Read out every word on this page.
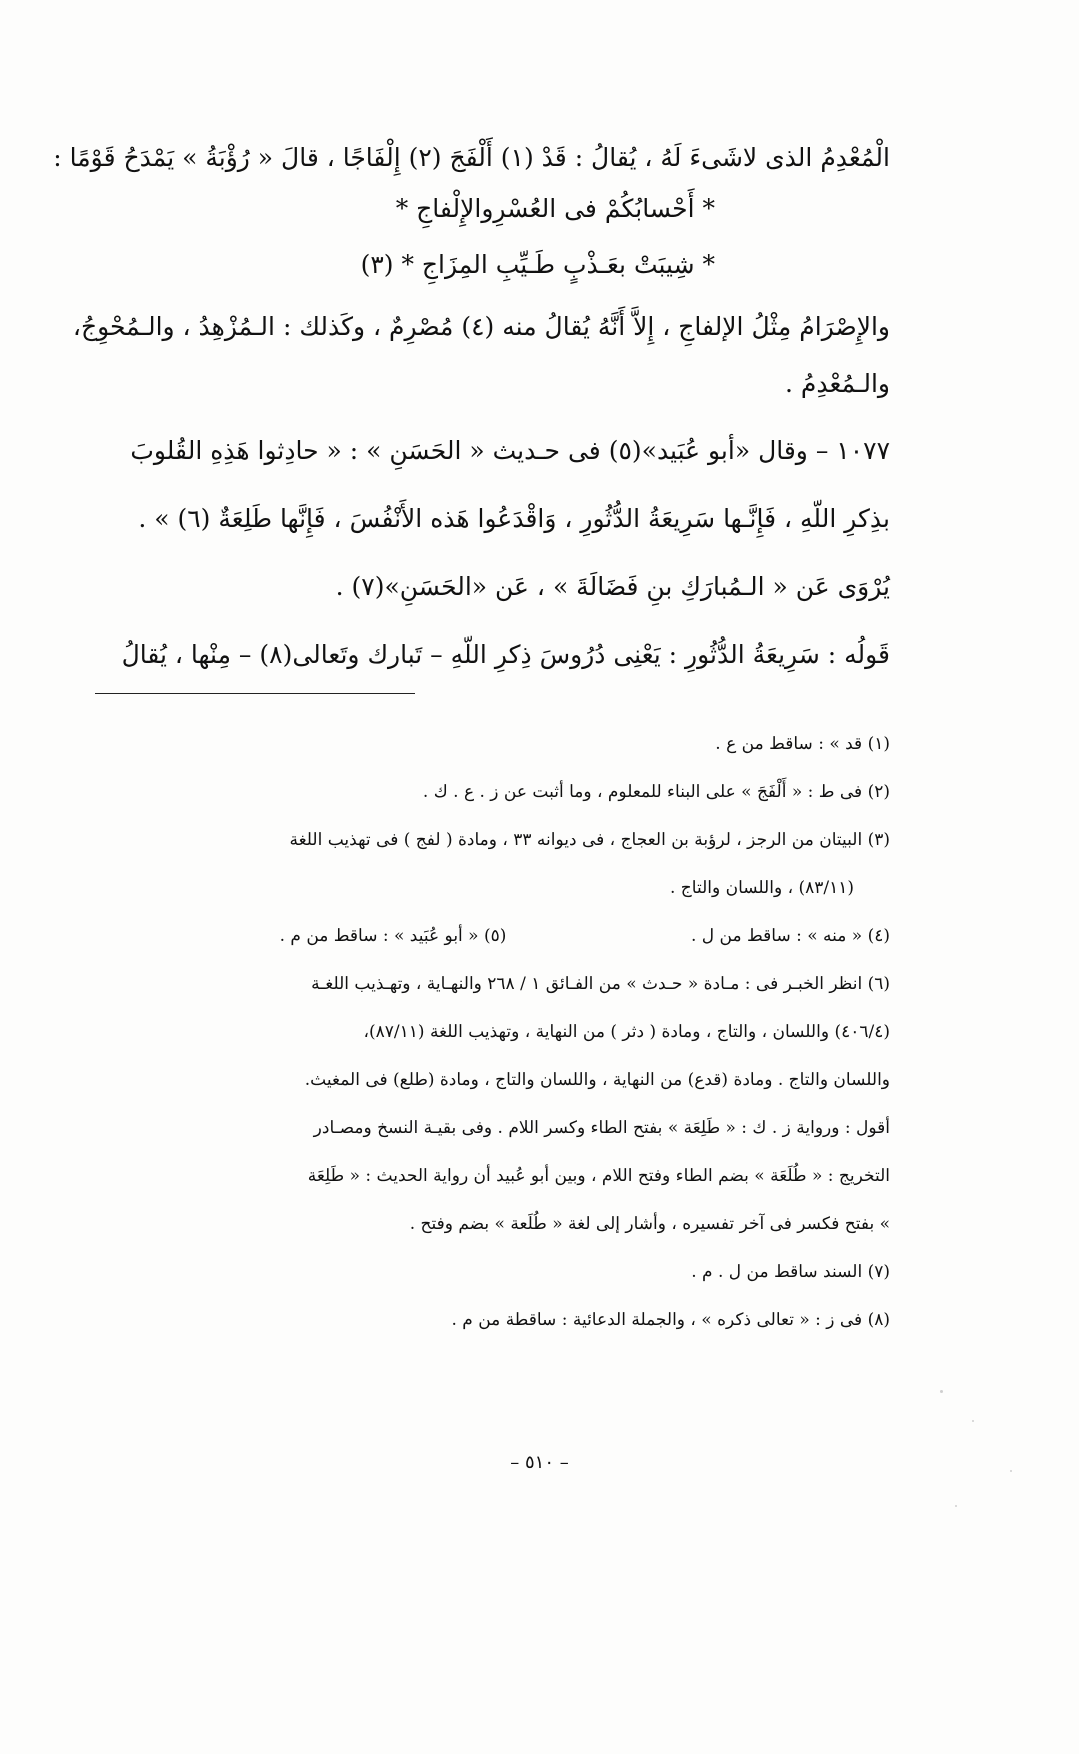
الْمُعْدِمُ الذى لاشَىءَ لَهُ ، يُقالُ : قَدْ (١) أَلْفَجَ (٢) إِلْفَاجًا ، قالَ « رُؤْبَةُ » يَمْدَحُ قَوْمًا :
* أَحْسابُكُمْ فى العُسْرِوالإِلْفاجِ *
* شِيبَتْ بعَـذْبٍ طَـيِّبِ المِزَاجِ * (٣)
والإِصْرَامُ مِثْلُ الإلفاجِ ، إِلاَّ أَنَّهُ يُقالُ منه (٤) مُصْرِمٌ ، وكَذلك : الـمُزْهِدُ ، والـمُحْوِجُ،
والـمُعْدِمُ .
١٠٧٧ – وقال «أبو عُبَيد»(٥) فى حـديث « الحَسَنِ » : « حادِثوا هَذِهِ القُلوبَ
بذِكرِ اللّهِ ، فَإِنَّـها سَرِيعَةُ الدُّثُورِ ، وَاقْدَعُوا هَذه الأَنْفُسَ ، فَإِنَّها طَلِعَةٌ (٦) » .
يُرْوَى عَن « الـمُبارَكِ بنِ فَضَالَةَ » ، عَن «الحَسَنِ»(٧) .
قَولُه : سَرِيعَةُ الدُّثُورِ : يَعْنِى دُرُوسَ ذِكرِ اللّهِ – تَبارك وتَعالى(٨) – مِنْها ، يُقالُ
(١) قد » : ساقط من ع .
(٢) فى ط : « أَلْفَجَ » على البناء للمعلوم ، وما أثبت عن ز . ع . ك .
(٣) البيتان من الرجز ، لرؤبة بن العجاج ، فى ديوانه ٣٣ ، ومادة ( لفج ) فى تهذيب اللغة
(٨٣/١١) ، واللسان والتاج .
(٤) « منه » : ساقط من ل .
(٥) « أبو عُبَيد » : ساقط من م .
(٦) انظر الخبـر فى : مـادة « حـدث » من الفـائق ١ / ٢٦٨ والنهـاية ، وتهـذيب اللغـة
(٤٠٦/٤) واللسان ، والتاج ، ومادة ( دثر ) من النهاية ، وتهذيب اللغة (٨٧/١١)،
واللسان والتاج . ومادة (قدع) من النهاية ، واللسان والتاج ، ومادة (طلع) فى المغيث.
أقول : ورواية ز . ك : « طَلِعَة » بفتح الطاء وكسر اللام . وفى بقيـة النسخ ومصـادر
التخريج : « طُلَعَة » بضم الطاء وفتح اللام ، وبين أبو عُبيد أن رواية الحديث : « طَلِعَة
» بفتح فكسر فى آخر تفسيره ، وأشار إلى لغة « طُلَعة » بضم وفتح .
(٧) السند ساقط من ل . م .
(٨) فى ز : « تعالى ذكره » ، والجملة الدعائية : ساقطة من م .
– ٥١٠ –
